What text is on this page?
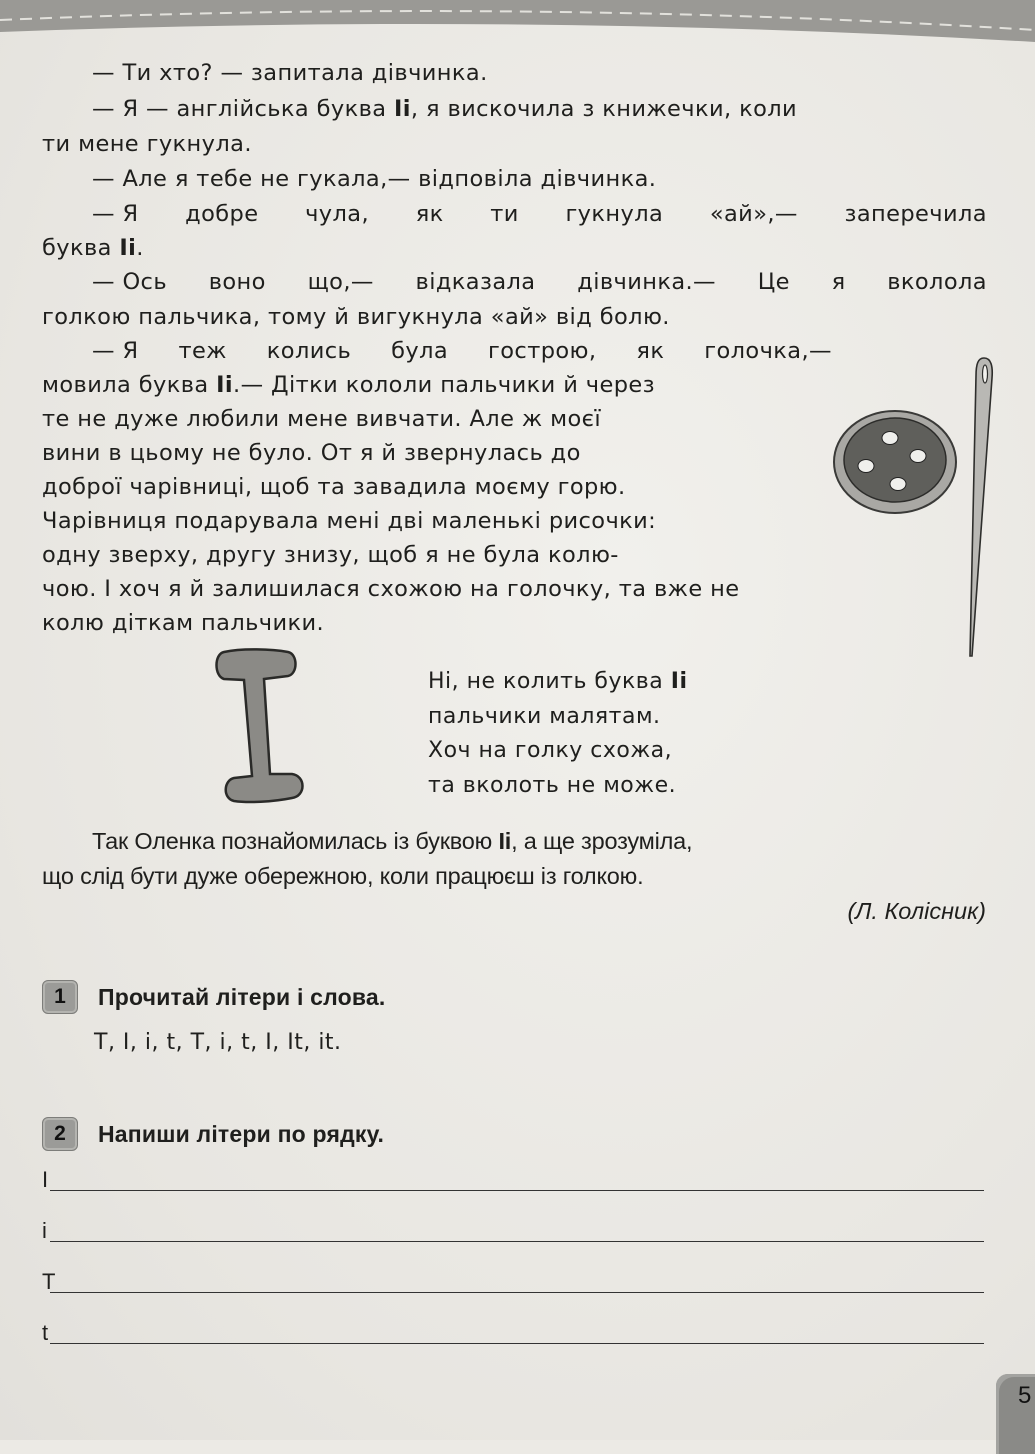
— Ти хто? — запитала дівчинка.
— Я — англійська буква Ii, я вискочила з книжечки, коли
ти мене гукнула.
— Але я тебе не гукала,— відповіла дівчинка.
— Я добре чула, як ти гукнула «ай»,— заперечила
буква Ii.
— Ось воно що,— відказала дівчинка.— Це я вколола
голкою пальчика, тому й вигукнула «ай» від болю.
— Я теж колись була гострою, як голочка,—
мовила буква Ii.— Дітки кололи пальчики й через
те не дуже любили мене вивчати. Але ж моєї
вини в цьому не було. От я й звернулась до
доброї чарівниці, щоб та завадила моєму горю.
Чарівниця подарувала мені дві маленькі рисочки:
одну зверху, другу знизу, щоб я не була колю-
чою. І хоч я й залишилася схожою на голочку, та вже не
колю діткам пальчики.
Ні, не колить буква Ii
пальчики малятам.
Хоч на голку схожа,
та вколоть не може.
Так Оленка познайомилась із буквою Ii, а ще зрозуміла,
що слід бути дуже обережною, коли працюєш із голкою.
(Л. Колісник)
1	Прочитай літери і слова.
T, I, i, t, T, i, t, I, It, it.
2	Напиши літери по рядку.
I
i
T
t
5
